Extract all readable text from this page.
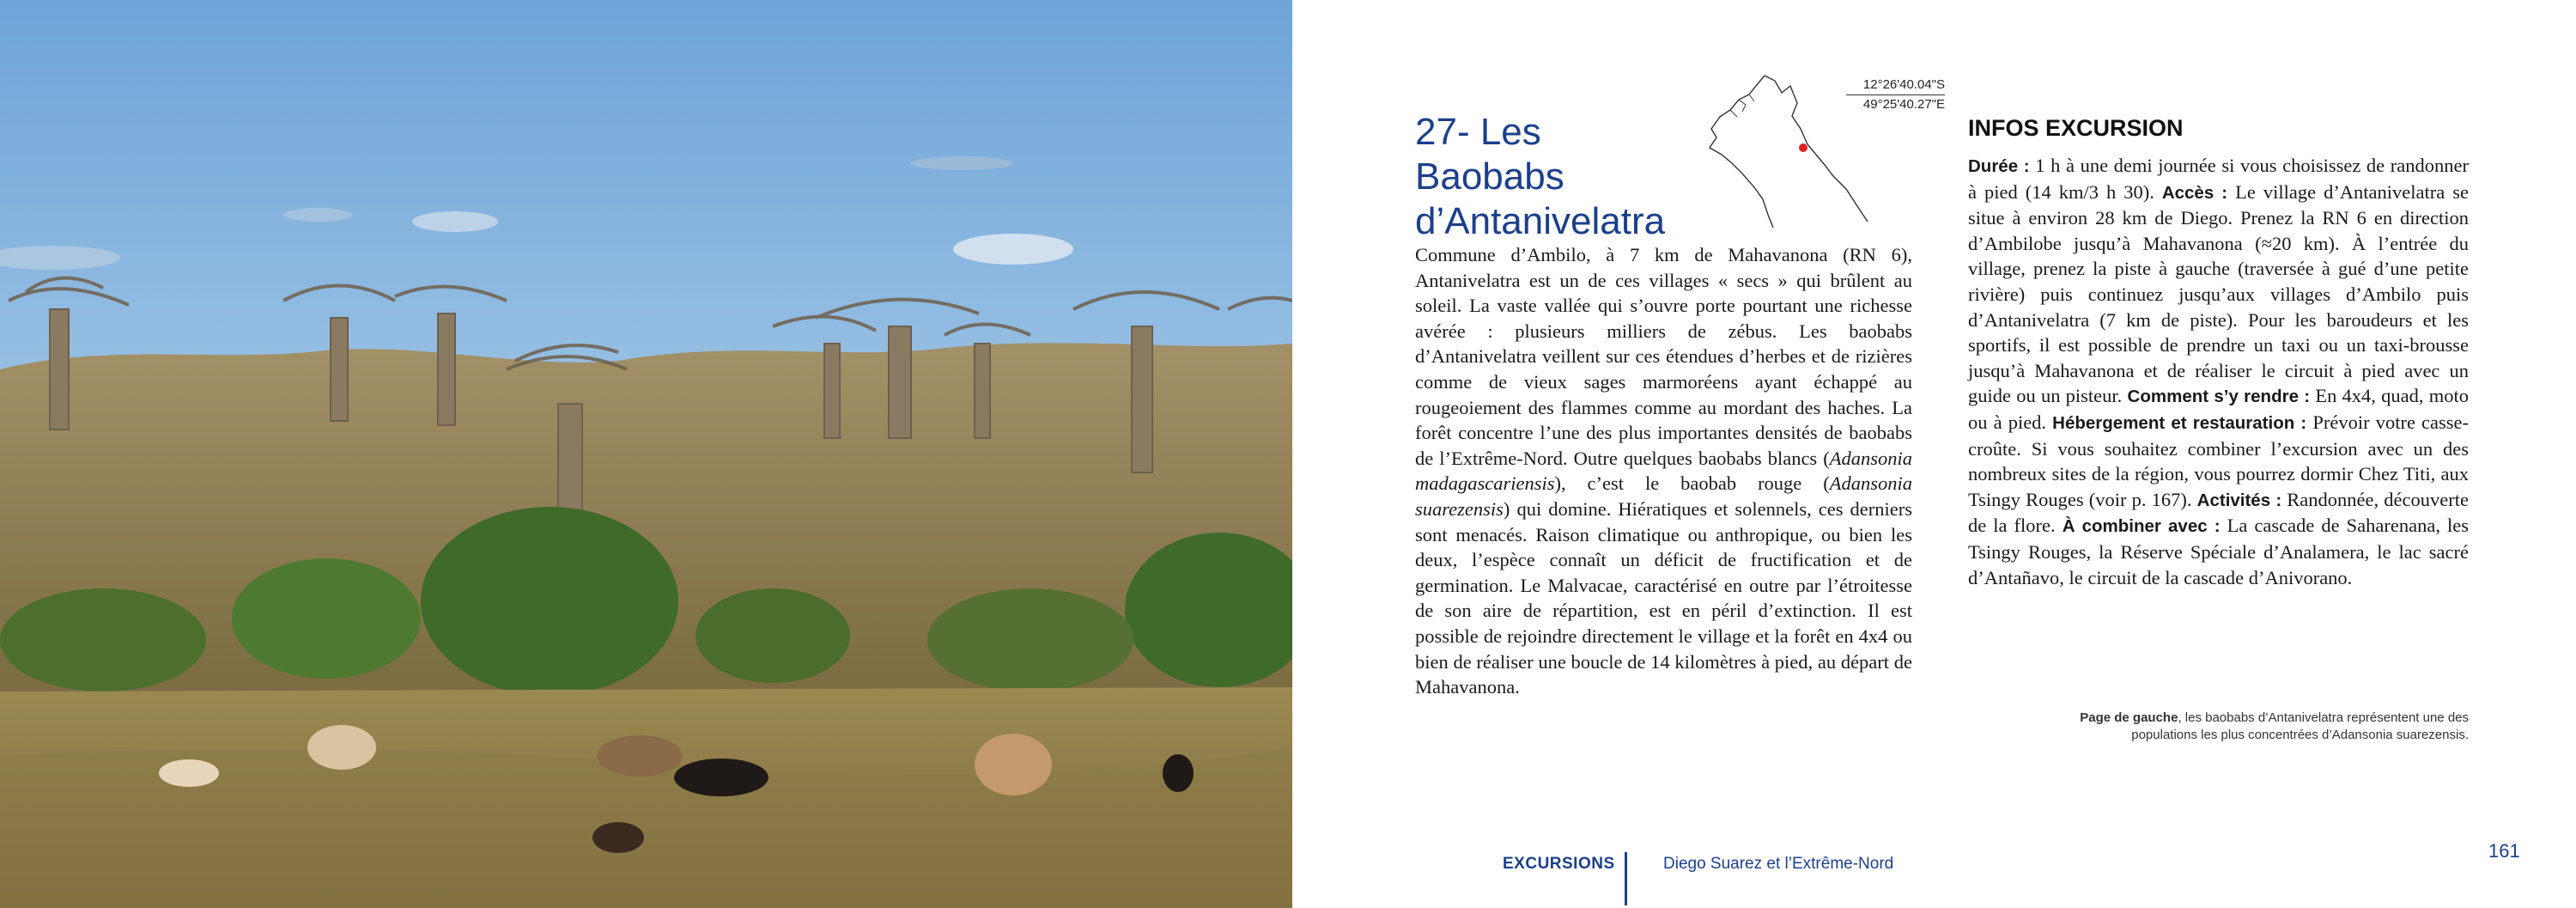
27- Les Baobabs
d’Antanivelatra
12°26'40.04"S
49°25'40.27"E
Commune d’Ambilo, à 7 km de Mahavanona (RN 6), Antanivelatra est un de ces villages « secs » qui brûlent au soleil. La vaste vallée qui s’ouvre porte pourtant une richesse avérée : plusieurs milliers de zébus. Les baobabs d’Antanivelatra veillent sur ces étendues d’herbes et de rizières comme de vieux sages marmoréens ayant échappé au rougeoiement des flammes comme au mordant des haches. La forêt concentre l’une des plus importantes densités de baobabs de l’Extrême-Nord. Outre quelques baobabs blancs (Adansonia madagascariensis), c’est le baobab rouge (Adansonia suarezensis) qui domine. Hiératiques et solennels, ces derniers sont menacés. Raison climatique ou anthropique, ou bien les deux, l’espèce connaît un déficit de fructification et de germination. Le Malvacae, caractérisé en outre par l’étroitesse de son aire de répartition, est en péril d’extinction. Il est possible de rejoindre directement le village et la forêt en 4x4 ou bien de réaliser une boucle de 14 kilomètres à pied, au départ de Mahavanona.
INFOS EXCURSION
Durée : 1 h à une demi journée si vous choisissez de randonner à pied (14 km/3 h 30). Accès : Le village d’Antanivelatra se situe à environ 28 km de Diego. Prenez la RN 6 en direction d’Ambilobe jusqu’à Mahavanona (≈20 km). À l’entrée du village, prenez la piste à gauche (traversée à gué d’une petite rivière) puis continuez jusqu’aux villages d’Ambilo puis d’Antanivelatra (7 km de piste). Pour les baroudeurs et les sportifs, il est possible de prendre un taxi ou un taxi-brousse jusqu’à Mahavanona et de réaliser le circuit à pied avec un guide ou un pisteur. Comment s’y rendre : En 4x4, quad, moto ou à pied. Hébergement et restauration : Prévoir votre casse-croûte. Si vous souhaitez combiner l’excursion avec un des nombreux sites de la région, vous pourrez dormir Chez Titi, aux Tsingy Rouges (voir p. 167). Activités : Randonnée, découverte de la flore. À combiner avec : La cascade de Saharenana, les Tsingy Rouges, la Réserve Spéciale d’Analamera, le lac sacré d’Antañavo, le circuit de la cascade d’Anivorano.
Page de gauche, les baobabs d’Antanivelatra représentent une des populations les plus concentrées d’Adansonia suarezensis.
EXCURSIONS	Diego Suarez et l’Extrême-Nord
161
